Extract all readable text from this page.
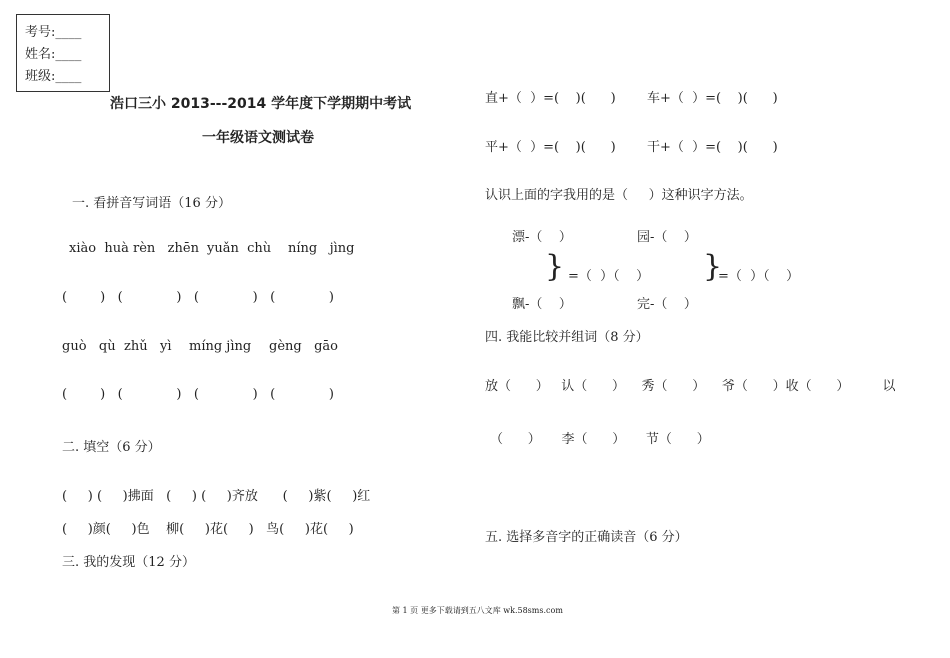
考号:____
姓名:____
班级:____
浩口三小 2013---2014 学年度下学期期中考试
一年级语文测试卷
一. 看拼音写词语（16 分）
xiào  huà rèn   zhēn yuǎn  chù níng   jìng
(        )   (             )   (             )   (             )
guò   qù zhǔ   yì míng jìng gèng   gāo
(        )   (             )   (             )   (             )
二. 填空（6 分）
(     ) (     )拂面   (     ) (     )齐放      (     )紫(     )红
(     )颜(     )色    柳(     )花(     )   鸟(     )花(     )
三. 我的发现（12 分）
直+（  ）=(    )(      ) 车+（  ）=(    )(      )
平+（  ）=(    )(      ) 干+（  ）=(    )(      )
认识上面的字我用的是（     ）这种识字方法。
漂-（    ）
} =（  ）（    ）
飘-（    ）
园-（    ）
}
=（  ）（    ）
完-（    ）
四. 我能比较并组词（8 分）
放（      ）   认（      ）    秀（      ）    爷（      ）收（      ）        以
（      ）     李（      ）     节（      ）
五. 选择多音字的正确读音（6 分）
第 1 页 更多下载请到五八文库 wk.58sms.com
